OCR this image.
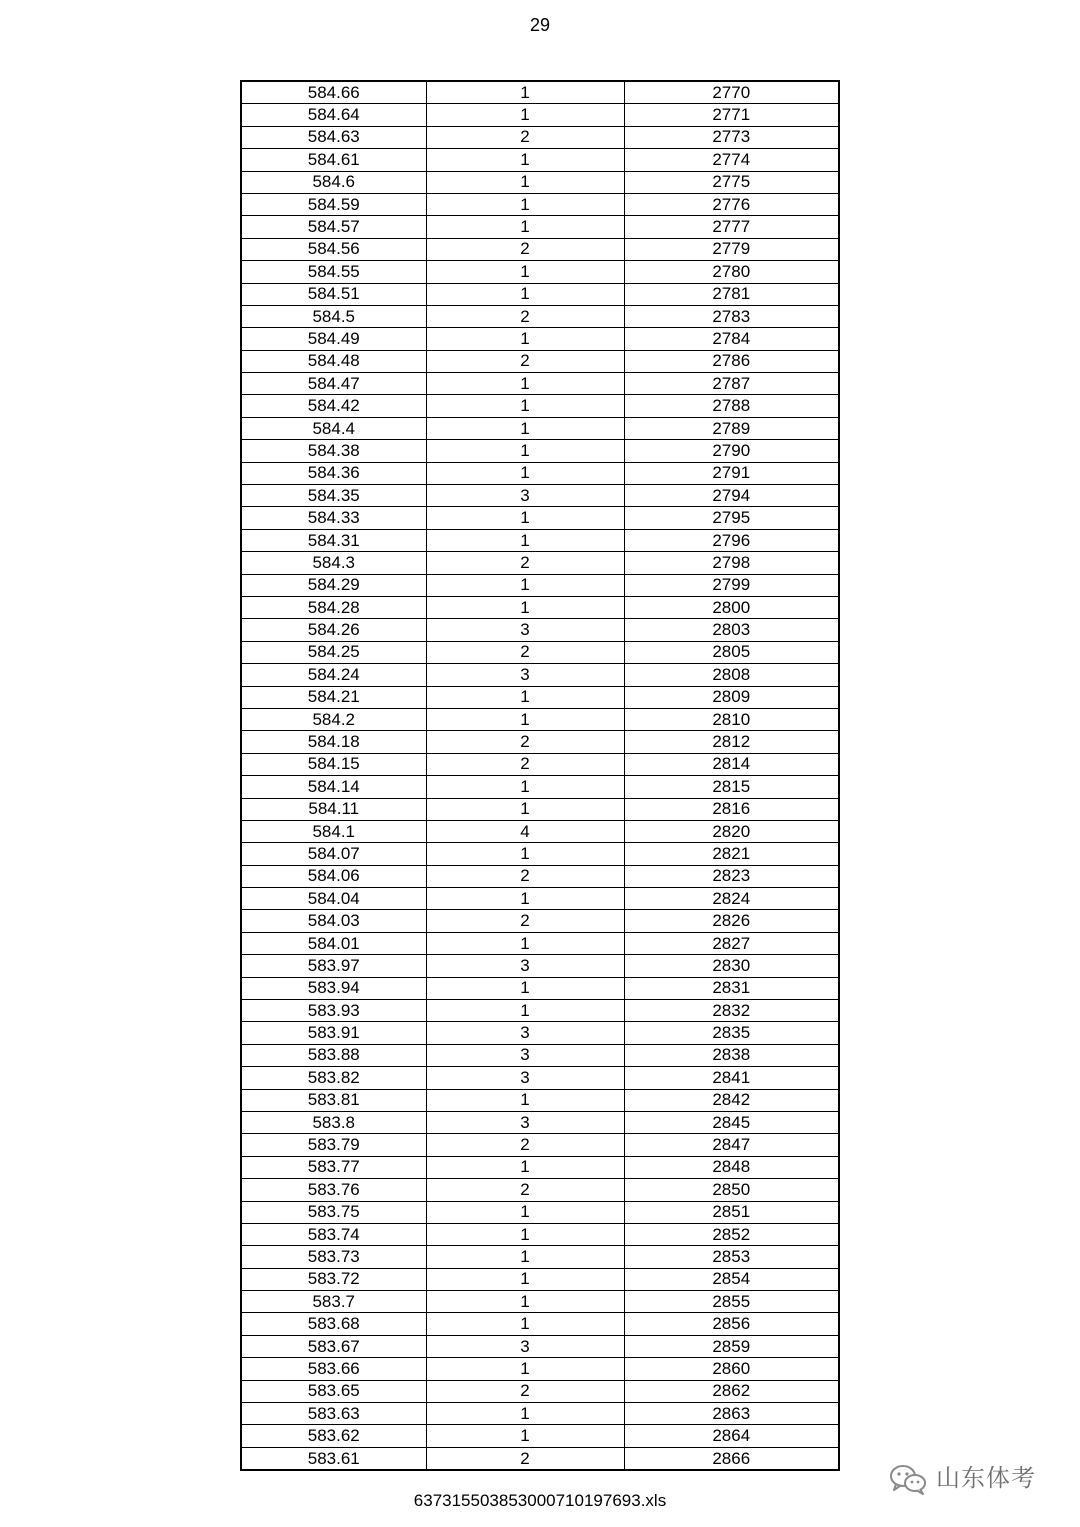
29
584.66	1	2770
584.64	1	2771
584.63	2	2773
584.61	1	2774
584.6	1	2775
584.59	1	2776
584.57	1	2777
584.56	2	2779
584.55	1	2780
584.51	1	2781
584.5	2	2783
584.49	1	2784
584.48	2	2786
584.47	1	2787
584.42	1	2788
584.4	1	2789
584.38	1	2790
584.36	1	2791
584.35	3	2794
584.33	1	2795
584.31	1	2796
584.3	2	2798
584.29	1	2799
584.28	1	2800
584.26	3	2803
584.25	2	2805
584.24	3	2808
584.21	1	2809
584.2	1	2810
584.18	2	2812
584.15	2	2814
584.14	1	2815
584.11	1	2816
584.1	4	2820
584.07	1	2821
584.06	2	2823
584.04	1	2824
584.03	2	2826
584.01	1	2827
583.97	3	2830
583.94	1	2831
583.93	1	2832
583.91	3	2835
583.88	3	2838
583.82	3	2841
583.81	1	2842
583.8	3	2845
583.79	2	2847
583.77	1	2848
583.76	2	2850
583.75	1	2851
583.74	1	2852
583.73	1	2853
583.72	1	2854
583.7	1	2855
583.68	1	2856
583.67	3	2859
583.66	1	2860
583.65	2	2862
583.63	1	2863
583.62	1	2864
583.61	2	2866
637315503853000710197693.xls
山东体考
